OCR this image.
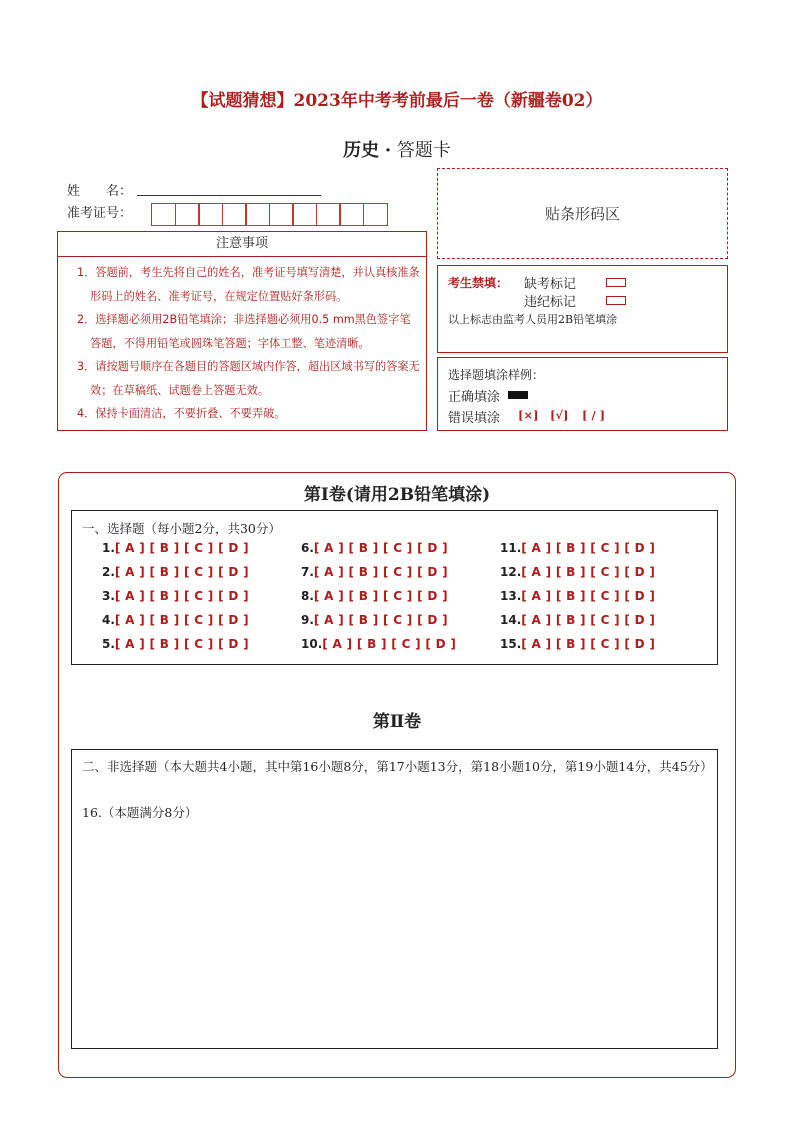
【试题猜想】2023年中考考前最后一卷（新疆卷02）
历史 · 答题卡
姓　　名：
准考证号：	贴条形码区
注意事项
1．答题前，考生先将自己的姓名，准考证号填写清楚，并认真核准条形码上的姓名、准考证号，在规定位置贴好条形码。
2．选择题必须用2B铅笔填涂；非选择题必须用0.5 mm黑色签字笔答题，不得用铅笔或圆珠笔答题；字体工整、笔迹清晰。
3．请按题号顺序在各题目的答题区域内作答，超出区域书写的答案无效；在草稿纸、试题卷上答题无效。
4．保持卡面清洁，不要折叠、不要弄破。
考生禁填： 缺考标记
违纪标记
以上标志由监考人员用2B铅笔填涂
选择题填涂样例：
正确填涂
错误填涂 [×] [√] [ / ]
第Ⅰ卷(请用2B铅笔填涂)
一、选择题（每小题2分，共30分）
1.[ A ] [ B ] [ C ] [ D ]
2.[ A ] [ B ] [ C ] [ D ]
3.[ A ] [ B ] [ C ] [ D ]
4.[ A ] [ B ] [ C ] [ D ]
5.[ A ] [ B ] [ C ] [ D ]
6.[ A ] [ B ] [ C ] [ D ]
7.[ A ] [ B ] [ C ] [ D ]
8.[ A ] [ B ] [ C ] [ D ]
9.[ A ] [ B ] [ C ] [ D ]
10.[ A ] [ B ] [ C ] [ D ]
11.[ A ] [ B ] [ C ] [ D ]
12.[ A ] [ B ] [ C ] [ D ]
13.[ A ] [ B ] [ C ] [ D ]
14.[ A ] [ B ] [ C ] [ D ]
15.[ A ] [ B ] [ C ] [ D ]
第Ⅱ卷
二、非选择题（本大题共4小题，其中第16小题8分，第17小题13分，第18小题10分，第19小题14分，共45分）
16.（本题满分8分）
